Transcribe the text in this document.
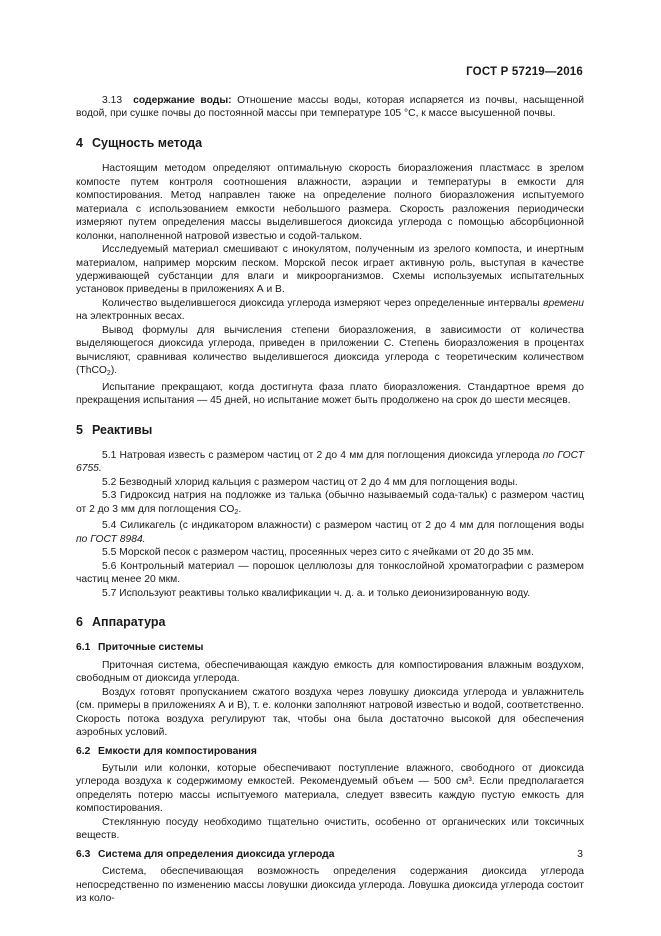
ГОСТ Р 57219—2016

3.13 содержание воды: Отношение массы воды, которая испаряется из почвы, насыщенной водой, при сушке почвы до постоянной массы при температуре 105 °C, к массе высушенной почвы.

4 Сущность метода

Настоящим методом определяют оптимальную скорость биоразложения пластмасс в зрелом компосте путем контроля соотношения влажности, аэрации и температуры в емкости для компостирования. Метод направлен также на определение полного биоразложения испытуемого материала с использованием емкости небольшого размера. Скорость разложения периодически измеряют путем определения массы выделившегося диоксида углерода с помощью абсорбционной колонки, наполненной натровой известью и содой-тальком.

Исследуемый материал смешивают с инокулятом, полученным из зрелого компоста, и инертным материалом, например морским песком. Морской песок играет активную роль, выступая в качестве удерживающей субстанции для влаги и микроорганизмов. Схемы используемых испытательных установок приведены в приложениях А и В.

Количество выделившегося диоксида углерода измеряют через определенные интервалы времени на электронных весах.

Вывод формулы для вычисления степени биоразложения, в зависимости от количества выделяющегося диоксида углерода, приведен в приложении С. Степень биоразложения в процентах вычисляют, сравнивая количество выделившегося диоксида углерода с теоретическим количеством (ThCO$_2$).

Испытание прекращают, когда достигнута фаза плато биоразложения. Стандартное время до прекращения испытания — 45 дней, но испытание может быть продолжено на срок до шести месяцев.

5 Реактивы

5.1 Натровая известь с размером частиц от 2 до 4 мм для поглощения диоксида углерода по ГОСТ 6755.

5.2 Безводный хлорид кальция с размером частиц от 2 до 4 мм для поглощения воды.

5.3 Гидроксид натрия на подложке из талька (обычно называемый сода-тальк) с размером частиц от 2 до 3 мм для поглощения $CO_2$.

5.4 Силикагель (с индикатором влажности) с размером частиц от 2 до 4 мм для поглощения воды по ГОСТ 8984.

5.5 Морской песок с размером частиц, просеянных через сито с ячейками от 20 до 35 мм.

5.6 Контрольный материал — порошок целлюлозы для тонкослойной хроматографии с размером частиц менее 20 мкм.

5.7 Используют реактивы только квалификации ч. д. а. и только деионизированную воду.

6 Аппаратура
6.1 Приточные системы

Приточная система, обеспечивающая каждую емкость для компостирования влажным воздухом, свободным от диоксида углерода.

Воздух готовят пропусканием сжатого воздуха через ловушку диоксида углерода и увлажнитель (см. примеры в приложениях А и В), т. е. колонки заполняют натровой известью и водой, соответственно. Скорость потока воздуха регулируют так, чтобы она была достаточно высокой для обеспечения аэробных условий.

6.2 Емкости для компостирования

Бутыли или колонки, которые обеспечивают поступление влажного, свободного от диоксида углерода воздуха к содержимому емкостей. Рекомендуемый объем — 500 см³. Если предполагается определять потерю массы испытуемого материала, следует взвесить каждую пустую емкость для компостирования.

Стеклянную посуду необходимо тщательно очистить, особенно от органических или токсичных веществ.

6.3 Система для определения диоксида углерода

Система, обеспечивающая возможность определения содержания диоксида углерода непосредственно по изменению массы ловушки диоксида углерода. Ловушка диоксида углерода состоит из коло-

3
